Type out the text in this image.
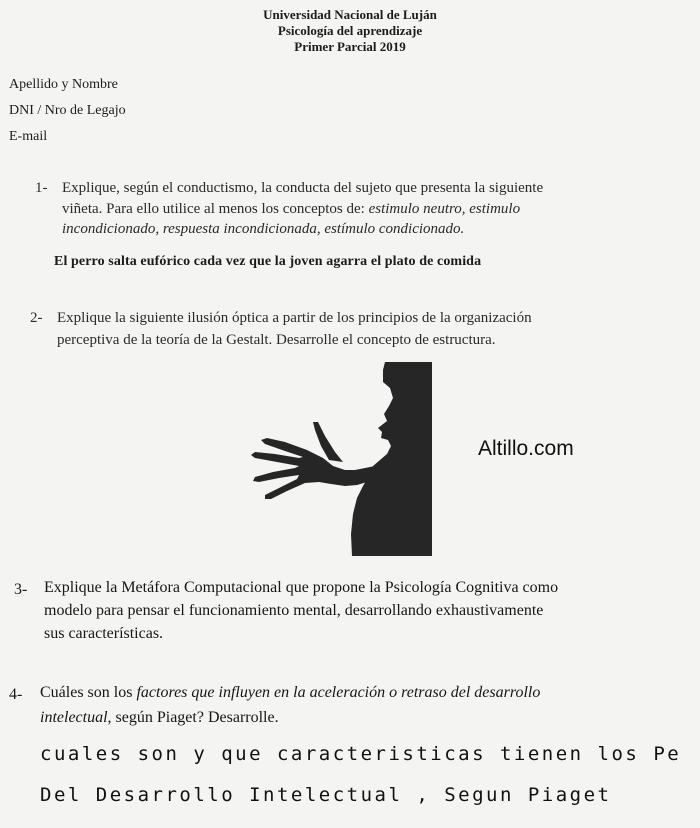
Universidad Nacional de Luján
Psicología del aprendizaje
Primer Parcial 2019
Apellido y Nombre
DNI / Nro de Legajo
E-mail
1- Explique, según el conductismo, la conducta del sujeto que presenta la siguiente
viñeta. Para ello utilice al menos los conceptos de: estimulo neutro, estimulo
incondicionado, respuesta incondicionada, estímulo condicionado.
El perro salta eufórico cada vez que la joven agarra el plato de comida
2- Explique la siguiente ilusión óptica a partir de los principios de la organización
perceptiva de la teoría de la Gestalt. Desarrolle el concepto de estructura.
Altillo.com
3- Explique la Metáfora Computacional que propone la Psicología Cognitiva como
modelo para pensar el funcionamiento mental, desarrollando exhaustivamente
sus características.
4- Cuáles son los factores que influyen en la aceleración o retraso del desarrollo
intelectual, según Piaget? Desarrolle.
cuales son y que caracteristicas tienen los Pe
Del Desarrollo Intelectual , Segun Piaget
